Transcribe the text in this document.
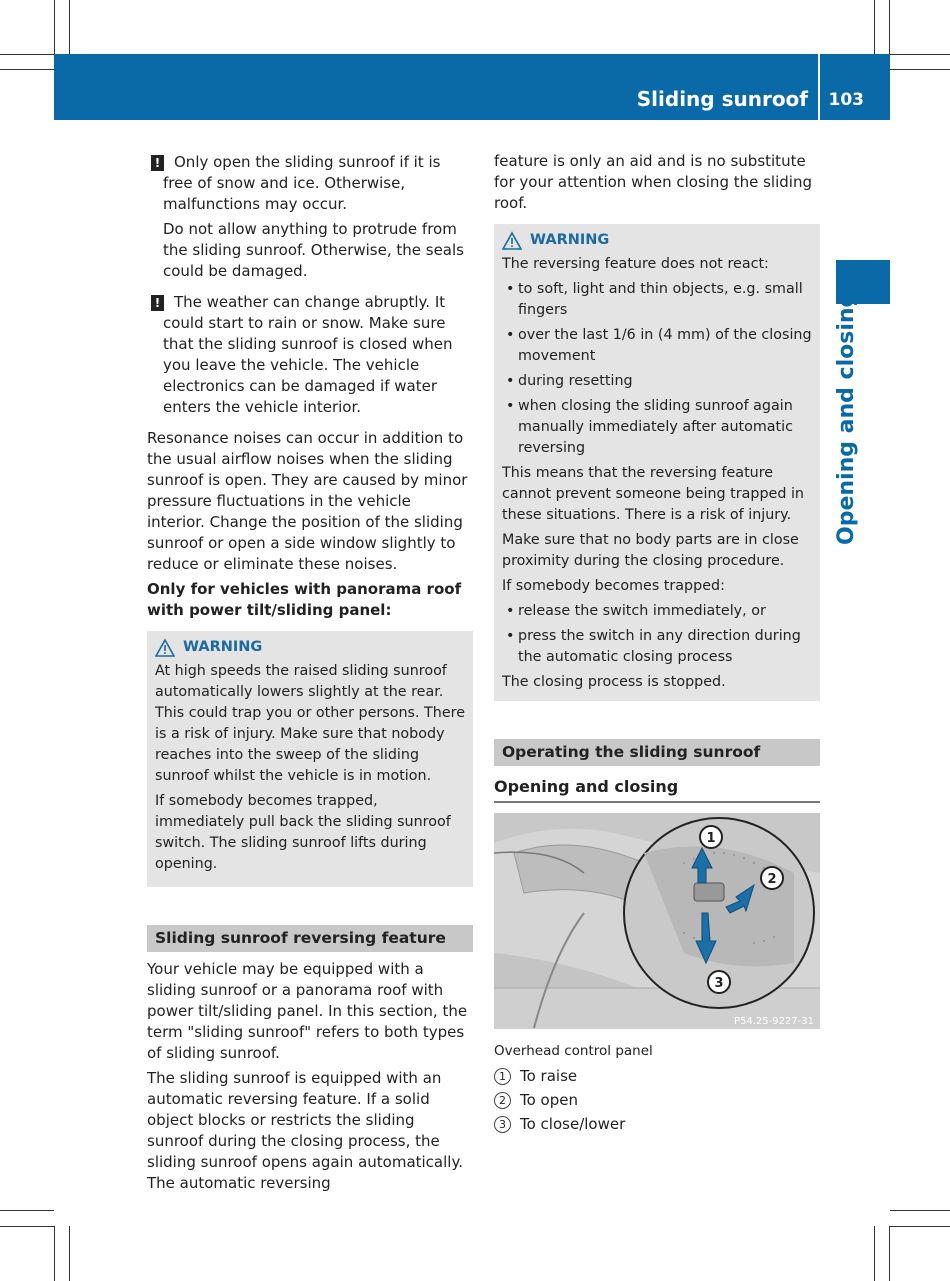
Sliding sunroof 103
Opening and closing
! Only open the sliding sunroof if it is free of snow and ice. Otherwise, malfunctions may occur.

Do not allow anything to protrude from the sliding sunroof. Otherwise, the seals could be damaged.

! The weather can change abruptly. It could start to rain or snow. Make sure that the sliding sunroof is closed when you leave the vehicle. The vehicle electronics can be damaged if water enters the vehicle interior.

Resonance noises can occur in addition to the usual airflow noises when the sliding sunroof is open. They are caused by minor pressure fluctuations in the vehicle interior. Change the position of the sliding sunroof or open a side window slightly to reduce or eliminate these noises.

Only for vehicles with panorama roof with power tilt/sliding panel:

WARNING

At high speeds the raised sliding sunroof automatically lowers slightly at the rear. This could trap you or other persons. There is a risk of injury. Make sure that nobody reaches into the sweep of the sliding sunroof whilst the vehicle is in motion.

If somebody becomes trapped, immediately pull back the sliding sunroof switch. The sliding sunroof lifts during opening.

Sliding sunroof reversing feature

Your vehicle may be equipped with a sliding sunroof or a panorama roof with power tilt/sliding panel. In this section, the term "sliding sunroof" refers to both types of sliding sunroof.

The sliding sunroof is equipped with an automatic reversing feature. If a solid object blocks or restricts the sliding sunroof during the closing process, the sliding sunroof opens again automatically. The automatic reversing

feature is only an aid and is no substitute for your attention when closing the sliding roof.

WARNING

The reversing feature does not react:

• to soft, light and thin objects, e.g. small fingers
• over the last 1/6 in (4 mm) of the closing movement
• during resetting
• when closing the sliding sunroof again manually immediately after automatic reversing

This means that the reversing feature cannot prevent someone being trapped in these situations. There is a risk of injury.

Make sure that no body parts are in close proximity during the closing procedure.

If somebody becomes trapped:

• release the switch immediately, or
• press the switch in any direction during the automatic closing process

The closing process is stopped.

Operating the sliding sunroof
Opening and closing
1
2
3
P54.25-9227-31
Overhead control panel
1 To raise
2 To open
3 To close/lower
